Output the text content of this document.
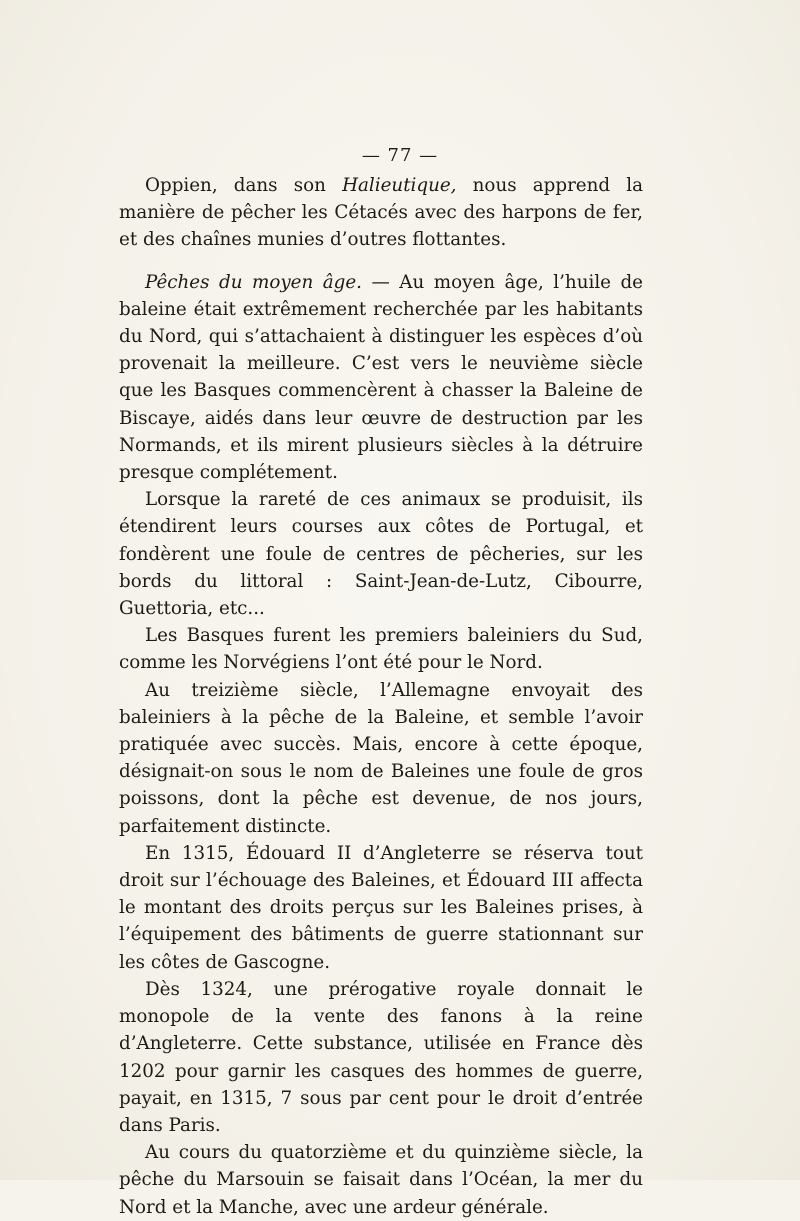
— 77 —

Oppien, dans son Halieutique, nous apprend la manière de pêcher les Cétacés avec des harpons de fer, et des chaînes munies d’outres flottantes.

Pêches du moyen âge. — Au moyen âge, l’huile de baleine était extrêmement recherchée par les habitants du Nord, qui s’attachaient à distinguer les espèces d’où provenait la meilleure. C’est vers le neuvième siècle que les Basques commencèrent à chasser la Baleine de Biscaye, aidés dans leur œuvre de destruction par les Normands, et ils mirent plusieurs siècles à la détruire presque complétement.

Lorsque la rareté de ces animaux se produisit, ils étendirent leurs courses aux côtes de Portugal, et fondèrent une foule de centres de pêcheries, sur les bords du littoral : Saint-Jean-de-Lutz, Cibourre, Guettoria, etc...

Les Basques furent les premiers baleiniers du Sud, comme les Norvégiens l’ont été pour le Nord.

Au treizième siècle, l’Allemagne envoyait des baleiniers à la pêche de la Baleine, et semble l’avoir pratiquée avec succès. Mais, encore à cette époque, désignait-on sous le nom de Baleines une foule de gros poissons, dont la pêche est devenue, de nos jours, parfaitement distincte.

En 1315, Édouard II d’Angleterre se réserva tout droit sur l’échouage des Baleines, et Édouard III affecta le montant des droits perçus sur les Baleines prises, à l’équipement des bâtiments de guerre stationnant sur les côtes de Gascogne.

Dès 1324, une prérogative royale donnait le monopole de la vente des fanons à la reine d’Angleterre. Cette substance, utilisée en France dès 1202 pour garnir les casques des hommes de guerre, payait, en 1315, 7 sous par cent pour le droit d’entrée dans Paris.

Au cours du quatorzième et du quinzième siècle, la pêche du Marsouin se faisait dans l’Océan, la mer du Nord et la Manche, avec une ardeur générale.
